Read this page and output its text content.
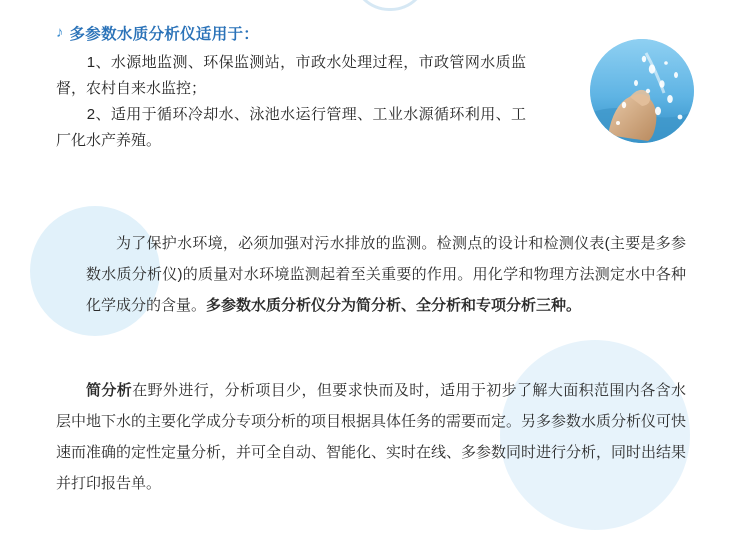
♪ 多参数水质分析仪适用于：

　　1、水源地监测、环保监测站，市政水处理过程，市政管网水质监督，农村自来水监控；

　　2、适用于循环冷却水、泳池水运行管理、工业水源循环利用、工厂化水产养殖。

为了保护水环境，必须加强对污水排放的监测。检测点的设计和检测仪表(主要是多参数水质分析仪)的质量对水环境监测起着至关重要的作用。用化学和物理方法测定水中各种化学成分的含量。多参数水质分析仪分为简分析、全分析和专项分析三种。

简分析在野外进行，分析项目少，但要求快而及时，适用于初步了解大面积范围内各含水层中地下水的主要化学成分专项分析的项目根据具体任务的需要而定。另多参数水质分析仪可快速而准确的定性定量分析，并可全自动、智能化、实时在线、多参数同时进行分析，同时出结果并打印报告单。
